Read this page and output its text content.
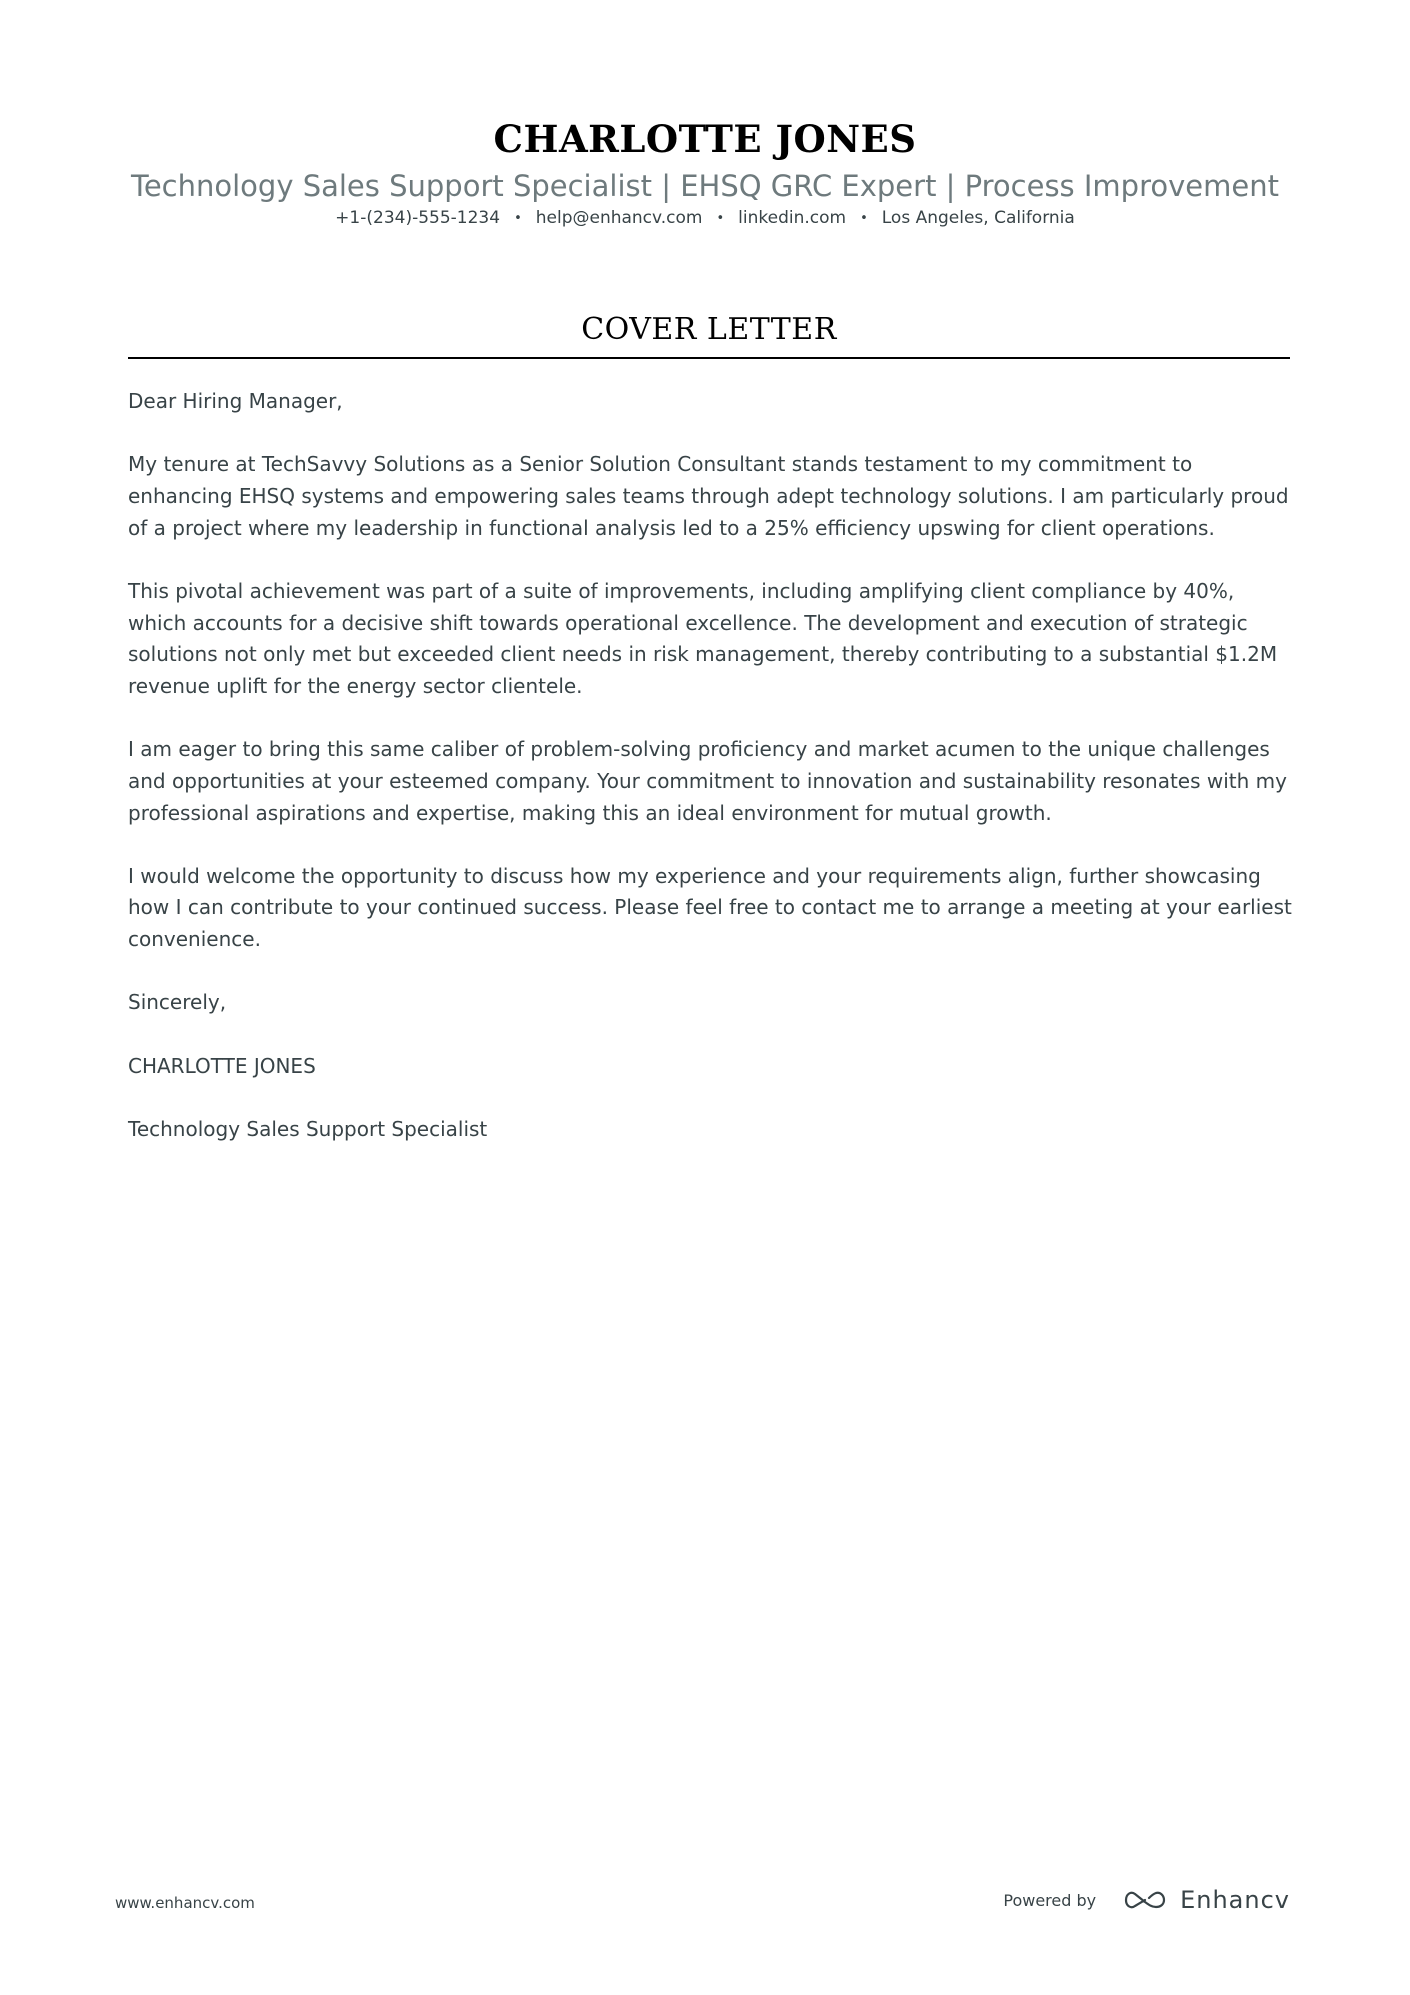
CHARLOTTE JONES
Technology Sales Support Specialist | EHSQ GRC Expert | Process Improvement
+1-(234)-555-1234 • help@enhancv.com • linkedin.com • Los Angeles, California
COVER LETTER

Dear Hiring Manager,

My tenure at TechSavvy Solutions as a Senior Solution Consultant stands testament to my commitment to enhancing EHSQ systems and empowering sales teams through adept technology solutions. I am particularly proud of a project where my leadership in functional analysis led to a 25% efficiency upswing for client operations.

This pivotal achievement was part of a suite of improvements, including amplifying client compliance by 40%, which accounts for a decisive shift towards operational excellence. The development and execution of strategic solutions not only met but exceeded client needs in risk management, thereby contributing to a substantial $1.2M revenue uplift for the energy sector clientele.

I am eager to bring this same caliber of problem-solving proficiency and market acumen to the unique challenges and opportunities at your esteemed company. Your commitment to innovation and sustainability resonates with my professional aspirations and expertise, making this an ideal environment for mutual growth.

I would welcome the opportunity to discuss how my experience and your requirements align, further showcasing how I can contribute to your continued success. Please feel free to contact me to arrange a meeting at your earliest convenience.

Sincerely,

CHARLOTTE JONES

Technology Sales Support Specialist

www.enhancv.com	Powered by	Enhancv
